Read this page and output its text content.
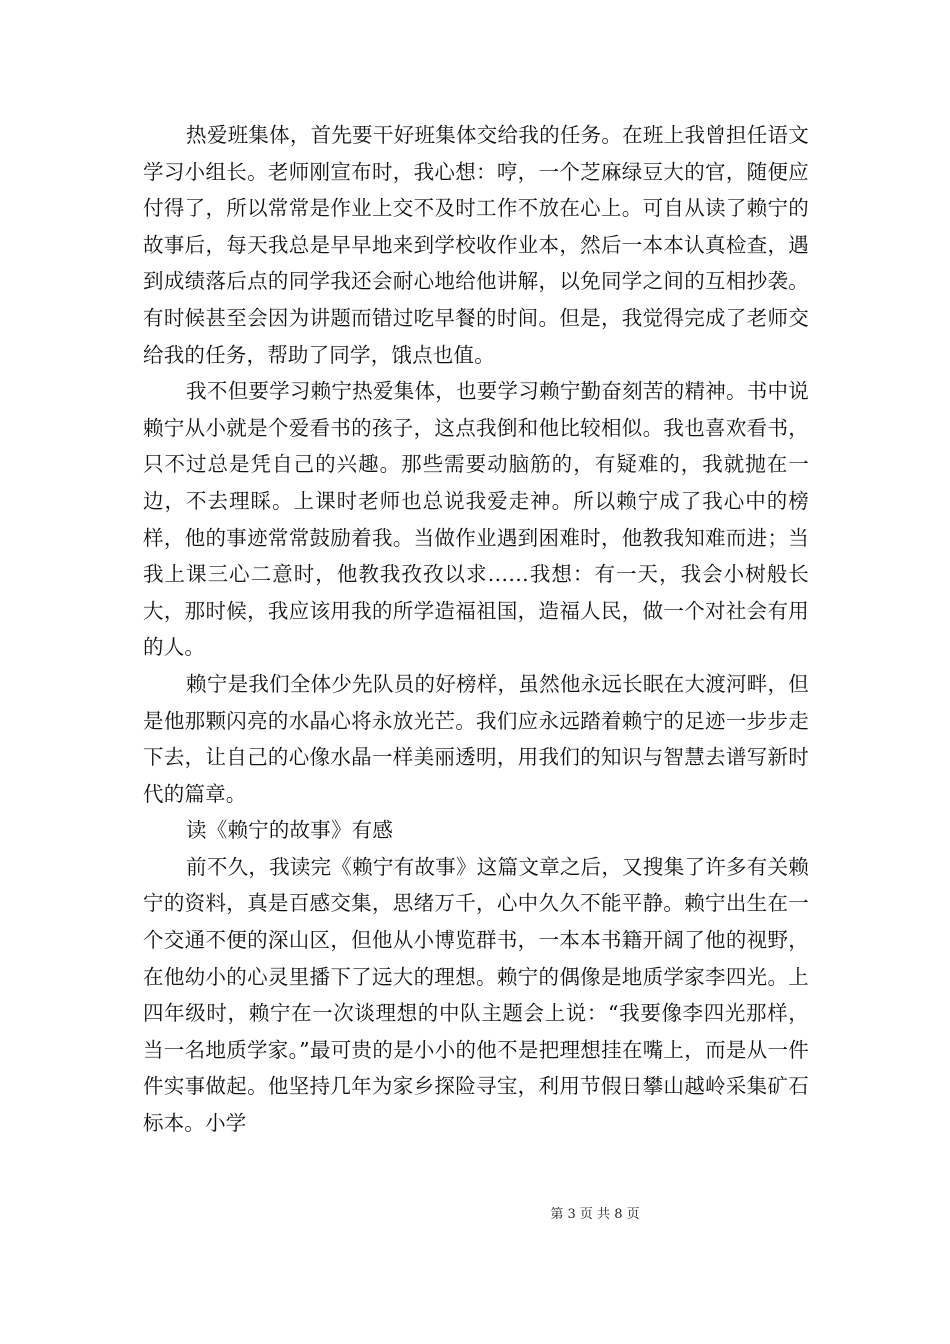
热爱班集体，首先要干好班集体交给我的任务。在班上我曾担任语文学习小组长。老师刚宣布时，我心想：哼，一个芝麻绿豆大的官，随便应付得了，所以常常是作业上交不及时工作不放在心上。可自从读了赖宁的故事后，每天我总是早早地来到学校收作业本，然后一本本认真检查，遇到成绩落后点的同学我还会耐心地给他讲解，以免同学之间的互相抄袭。有时候甚至会因为讲题而错过吃早餐的时间。但是，我觉得完成了老师交给我的任务，帮助了同学，饿点也值。

我不但要学习赖宁热爱集体，也要学习赖宁勤奋刻苦的精神。书中说赖宁从小就是个爱看书的孩子，这点我倒和他比较相似。我也喜欢看书，只不过总是凭自己的兴趣。那些需要动脑筋的，有疑难的，我就抛在一边，不去理睬。上课时老师也总说我爱走神。所以赖宁成了我心中的榜样，他的事迹常常鼓励着我。当做作业遇到困难时，他教我知难而进；当我上课三心二意时，他教我孜孜以求……我想：有一天，我会小树般长大，那时候，我应该用我的所学造福祖国，造福人民，做一个对社会有用的人。

赖宁是我们全体少先队员的好榜样，虽然他永远长眠在大渡河畔，但是他那颗闪亮的水晶心将永放光芒。我们应永远踏着赖宁的足迹一步步走下去，让自己的心像水晶一样美丽透明，用我们的知识与智慧去谱写新时代的篇章。

读《赖宁的故事》有感

前不久，我读完《赖宁有故事》这篇文章之后，又搜集了许多有关赖宁的资料，真是百感交集，思绪万千，心中久久不能平静。赖宁出生在一个交通不便的深山区，但他从小博览群书，一本本书籍开阔了他的视野，在他幼小的心灵里播下了远大的理想。赖宁的偶像是地质学家李四光。上四年级时，赖宁在一次谈理想的中队主题会上说：“我要像李四光那样，当一名地质学家。”最可贵的是小小的他不是把理想挂在嘴上，而是从一件件实事做起。他坚持几年为家乡探险寻宝，利用节假日攀山越岭采集矿石标本。小学

第 3 页 共 8 页
